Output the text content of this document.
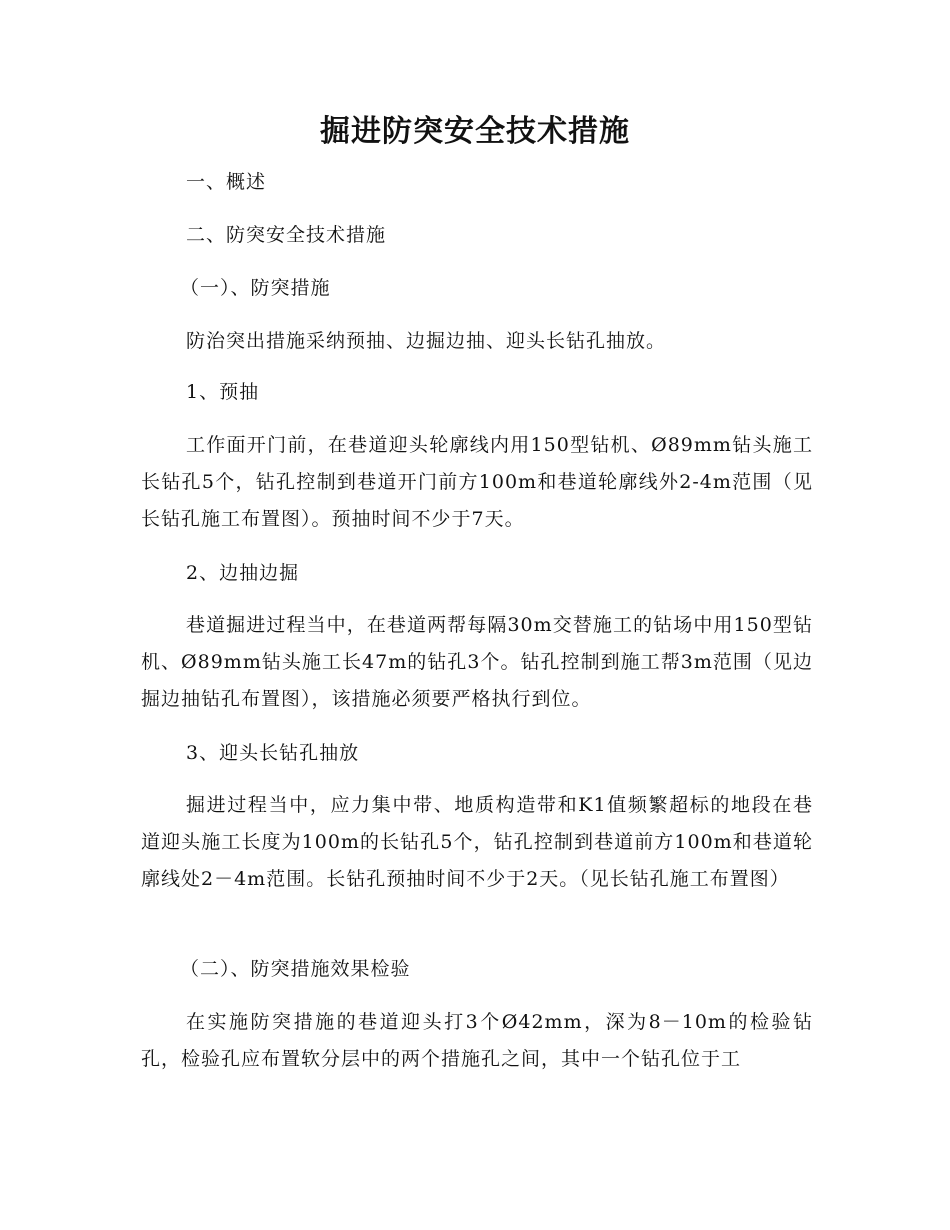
掘进防突安全技术措施
一、概述
二、防突安全技术措施
（一）、防突措施
防治突出措施采纳预抽、边掘边抽、迎头长钻孔抽放。
1、预抽
工作面开门前，在巷道迎头轮廓线内用150型钻机、Ø89mm钻头施工长钻孔5个，钻孔控制到巷道开门前方100m和巷道轮廓线外2-4m范围（见长钻孔施工布置图）。预抽时间不少于7天。
2、边抽边掘
巷道掘进过程当中，在巷道两帮每隔30m交替施工的钻场中用150型钻机、Ø89mm钻头施工长47m的钻孔3个。钻孔控制到施工帮3m范围（见边掘边抽钻孔布置图），该措施必须要严格执行到位。
3、迎头长钻孔抽放
掘进过程当中，应力集中带、地质构造带和K1值频繁超标的地段在巷道迎头施工长度为100m的长钻孔5个，钻孔控制到巷道前方100m和巷道轮廓线处2－4m范围。长钻孔预抽时间不少于2天。（见长钻孔施工布置图）
（二）、防突措施效果检验
在实施防突措施的巷道迎头打3个Ø42mm，深为8－10m的检验钻孔，检验孔应布置软分层中的两个措施孔之间，其中一个钻孔位于工
